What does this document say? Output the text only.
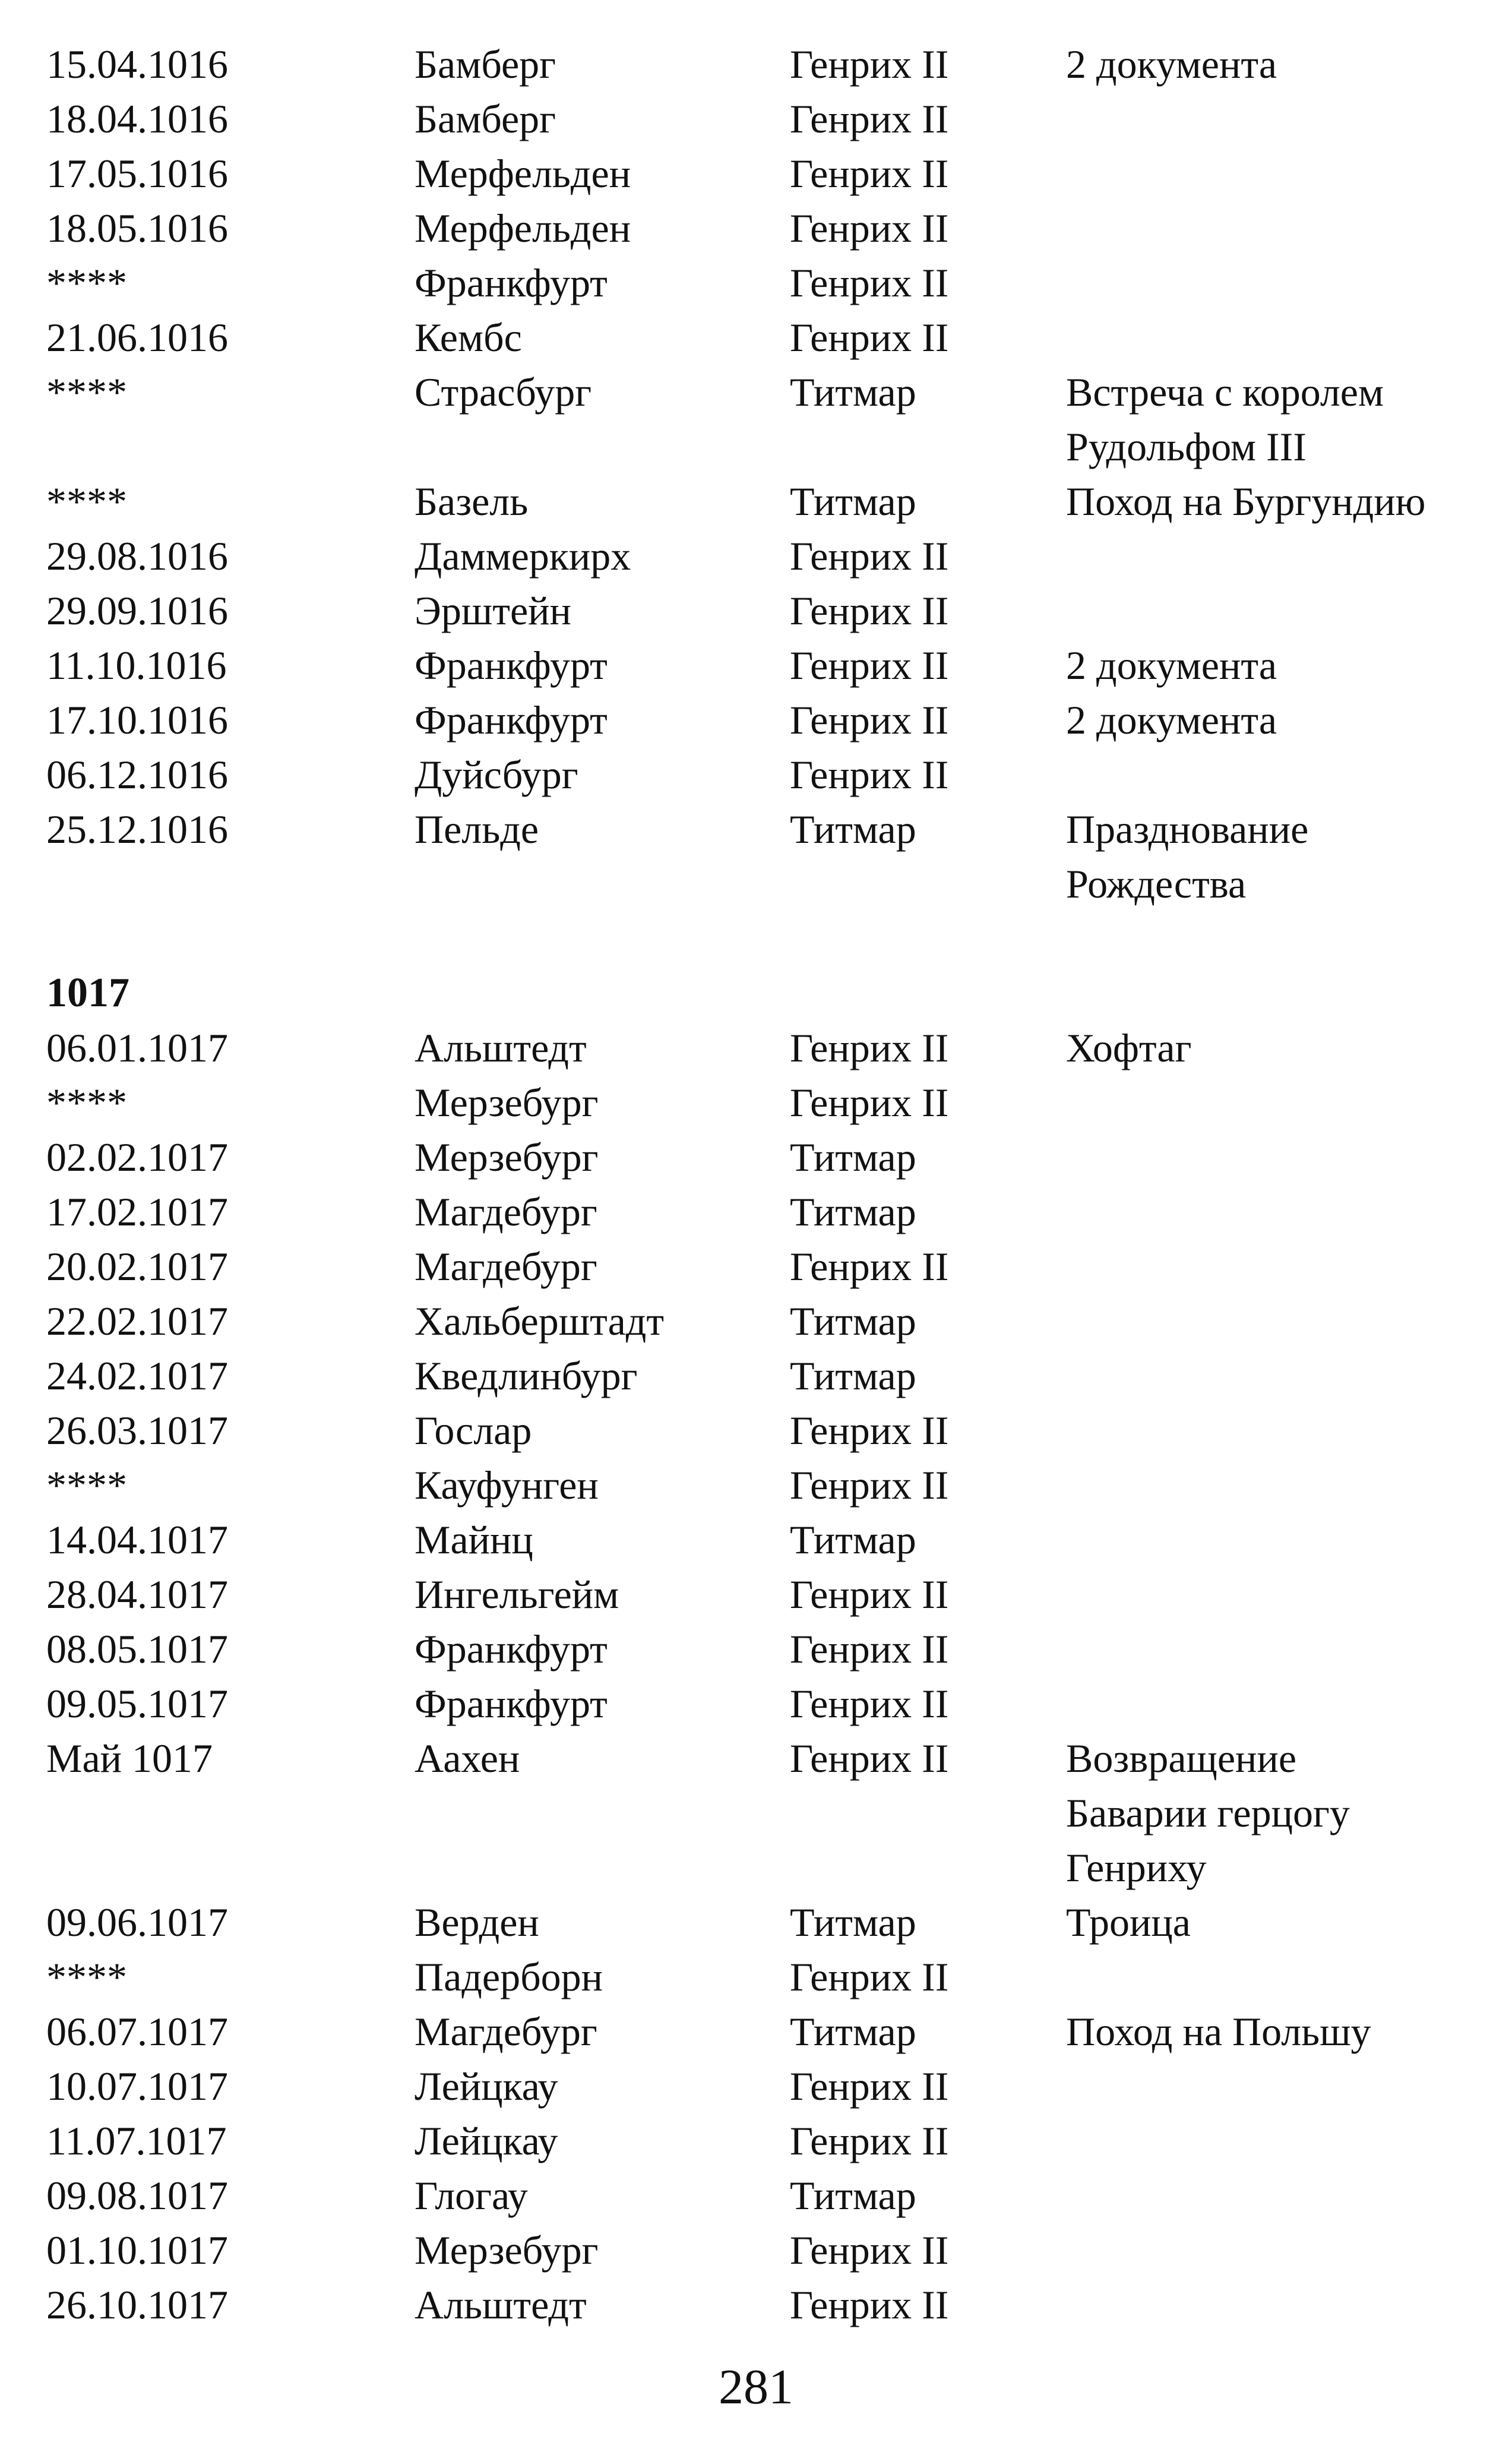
15.04.1016	Бамберг	Генрих II	2 документа
18.04.1016	Бамберг	Генрих II
17.05.1016	Мерфельден	Генрих II
18.05.1016	Мерфельден	Генрих II
****	Франкфурт	Генрих II
21.06.1016	Кембс	Генрих II
****	Страсбург	Титмар	Встреча с королем
Рудольфом III
****	Базель	Титмар	Поход на Бургундию
29.08.1016	Даммеркирх	Генрих II
29.09.1016	Эрштейн	Генрих II
11.10.1016	Франкфурт	Генрих II	2 документа
17.10.1016	Франкфурт	Генрих II	2 документа
06.12.1016	Дуйсбург	Генрих II
25.12.1016	Пельде	Титмар	Празднование
Рождества
1017
06.01.1017	Альштедт	Генрих II	Хофтаг
****	Мерзебург	Генрих II
02.02.1017	Мерзебург	Титмар
17.02.1017	Магдебург	Титмар
20.02.1017	Магдебург	Генрих II
22.02.1017	Хальберштадт	Титмар
24.02.1017	Кведлинбург	Титмар
26.03.1017	Гослар	Генрих II
****	Кауфунген	Генрих II
14.04.1017	Майнц	Титмар
28.04.1017	Ингельгейм	Генрих II
08.05.1017	Франкфурт	Генрих II
09.05.1017	Франкфурт	Генрих II
Май 1017	Аахен	Генрих II	Возвращение
Баварии герцогу
Генриху
09.06.1017	Верден	Титмар	Троица
****	Падерборн	Генрих II
06.07.1017	Магдебург	Титмар	Поход на Польшу
10.07.1017	Лейцкау	Генрих II
11.07.1017	Лейцкау	Генрих II
09.08.1017	Глогау	Титмар
01.10.1017	Мерзебург	Генрих II
26.10.1017	Альштедт	Генрих II
281
